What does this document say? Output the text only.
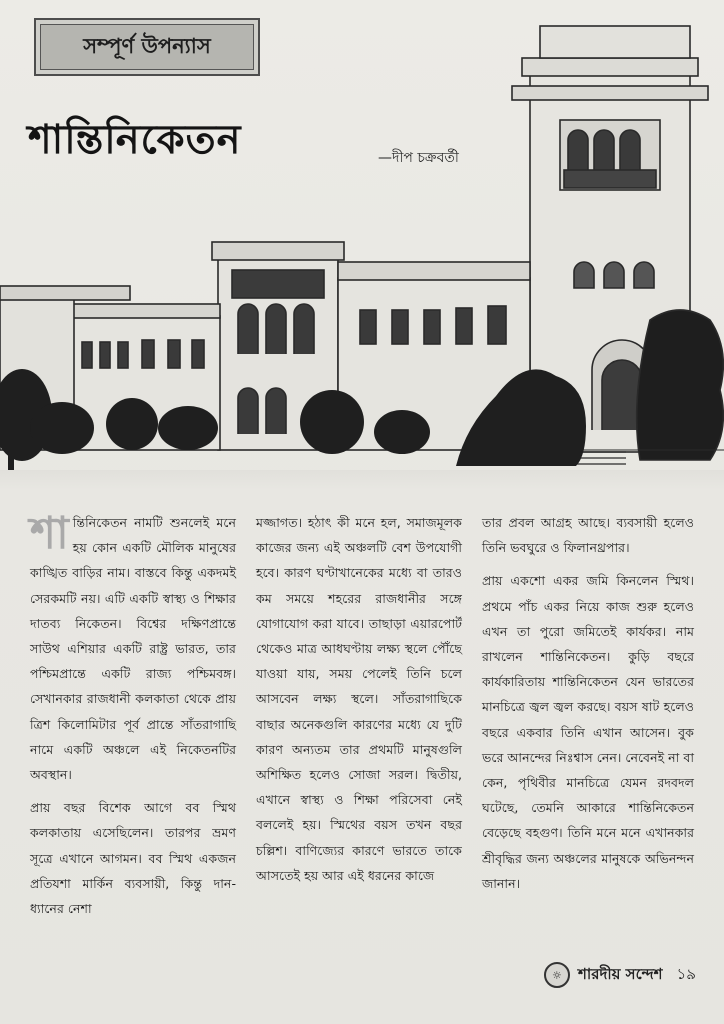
সম্পূর্ণ উপন্যাস
শান্তিনিকেতন	—দীপ চক্রবর্তী

শান্তিনিকেতন নামটি শুনলেই মনে হয় কোন একটি মৌলিক মানুষের কাঙ্খিত বাড়ির নাম। বাস্তবে কিন্তু একদমই সেরকমটি নয়। এটি একটি স্বাস্থ্য ও শিক্ষার দাতব্য নিকেতন। বিশ্বের দক্ষিণপ্রান্তে সাউথ এশিয়ার একটি রাষ্ট্র ভারত, তার পশ্চিমপ্রান্তে একটি রাজ্য পশ্চিমবঙ্গ। সেখানকার রাজধানী কলকাতা থেকে প্রায় ত্রিশ কিলোমিটার পূর্ব প্রান্তে সাঁতরাগাছি নামে একটি অঞ্চলে এই নিকেতনটির অবস্থান।

প্রায় বছর বিশেক আগে বব স্মিথ কলকাতায় এসেছিলেন। তারপর ভ্রমণ সূত্রে এখানে আগমন। বব স্মিথ একজন প্রতিযশা মার্কিন ব্যবসায়ী, কিন্তু দান-ধ্যানের নেশা

মজ্জাগত। হঠাৎ কী মনে হল, সমাজমূলক কাজের জন্য এই অঞ্চলটি বেশ উপযোগী হবে। কারণ ঘণ্টাখানেকের মধ্যে বা তারও কম সময়ে শহরের রাজধানীর সঙ্গে যোগাযোগ করা যাবে। তাছাড়া এয়ারপোর্ট থেকেও মাত্র আধঘণ্টায় লক্ষ্য স্থলে পৌঁছে যাওয়া যায়, সময় পেলেই তিনি চলে আসবেন লক্ষ্য স্থলে। সাঁতরাগাছিকে বাছার অনেকগুলি কারণের মধ্যে যে দুটি কারণ অন্যতম তার প্রথমটি মানুষগুলি অশিক্ষিত হলেও সোজা সরল। দ্বিতীয়, এখানে স্বাস্থ্য ও শিক্ষা পরিসেবা নেই বললেই হয়। স্মিথের বয়স তখন বছর চল্লিশ। বাণিজ্যের কারণে ভারতে তাকে আসতেই হয় আর এই ধরনের কাজে

তার প্রবল আগ্রহ আছে। ব্যবসায়ী হলেও তিনি ভবঘুরে ও ফিলানথ্রপার।

প্রায় একশো একর জমি কিনলেন স্মিথ। প্রথমে পাঁচ একর নিয়ে কাজ শুরু হলেও এখন তা পুরো জমিতেই কার্যকর। নাম রাখলেন শান্তিনিকেতন। কুড়ি বছরে কার্যকারিতায় শান্তিনিকেতন যেন ভারতের মানচিত্রে জ্বল জ্বল করছে। বয়স ষাট হলেও বছরে একবার তিনি এখান আসেন। বুক ভরে আনন্দের নিঃশ্বাস নেন। নেবেনই না বা কেন, পৃথিবীর মানচিত্রে যেমন রদবদল ঘটেছে, তেমনি আকারে শান্তিনিকেতন বেড়েছে বহগুণ। তিনি মনে মনে এখানকার শ্রীবৃদ্ধির জন্য অঞ্চলের মানুষকে অভিনন্দন জানান।

☼	শারদীয় সন্দেশ ১৯
